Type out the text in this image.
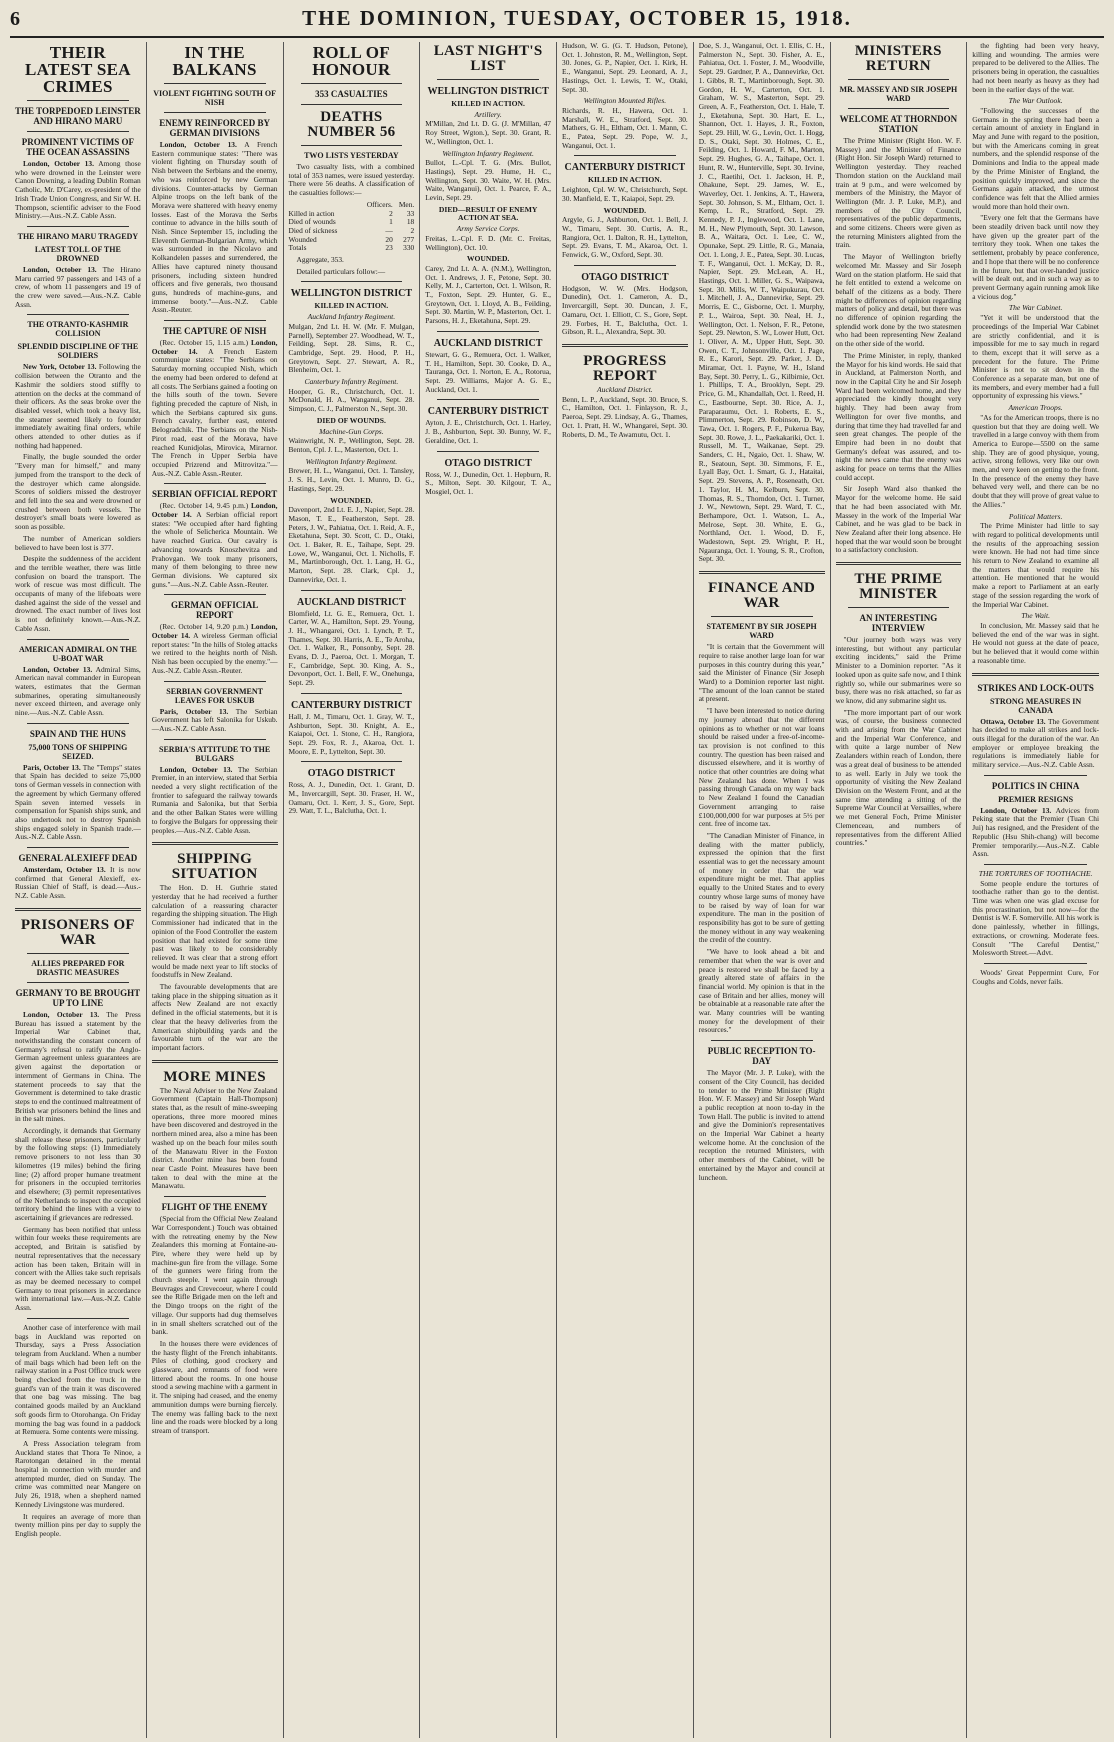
6	THE DOMINION, TUESDAY, OCTOBER 15, 1918.
THEIR LATEST SEA CRIMES
THE TORPEDOED LEINSTER AND HIRANO MARU
PROMINENT VICTIMS OF THE OCEAN ASSASSINS

London, October 13. Among those who were drowned in the Leinster were Canon Downing, a leading Dublin Roman Catholic, Mr. D'Carey, ex-president of the Irish Trade Union Congress, and Sir W. H. Thompson, scientific adviser to the Food Ministry.—Aus.-N.Z. Cable Assn.

THE HIRANO MARU TRAGEDY
LATEST TOLL OF THE DROWNED

London, October 13. The Hirano Maru carried 97 passengers and 143 of a crew, of whom 11 passengers and 19 of the crew were saved.—Aus.-N.Z. Cable Assn.

THE OTRANTO-KASHMIR COLLISION
SPLENDID DISCIPLINE OF THE SOLDIERS

New York, October 13. Following the collision between the Otranto and the Kashmir the soldiers stood stiffly to attention on the decks at the command of their officers. As the seas broke over the disabled vessel, which took a heavy list, the steamer seemed likely to founder immediately awaiting final orders, while others attended to other duties as if nothing had happened.

Finally, the bugle sounded the order "Every man for himself," and many jumped from the transport to the deck of the destroyer which came alongside. Scores of soldiers missed the destroyer and fell into the sea and were drowned or crushed between both vessels. The destroyer's small boats were lowered as soon as possible.

The number of American soldiers believed to have been lost is 377.

Despite the suddenness of the accident and the terrible weather, there was little confusion on board the transport. The work of rescue was most difficult. The occupants of many of the lifeboats were dashed against the side of the vessel and drowned. The exact number of lives lost is not definitely known.—Aus.-N.Z. Cable Assn.

AMERICAN ADMIRAL ON THE U-BOAT WAR

London, October 13. Admiral Sims, American naval commander in European waters, estimates that the German submarines, operating simultaneously never exceed thirteen, and average only nine.—Aus.-N.Z. Cable Assn.

SPAIN AND THE HUNS
75,000 TONS OF SHIPPING SEIZED.

Paris, October 13. The "Temps" states that Spain has decided to seize 75,000 tons of German vessels in connection with the agreement by which Germany offered Spain seven interned vessels in compensation for Spanish ships sunk, and also undertook not to destroy Spanish ships engaged solely in Spanish trade.—Aus.-N.Z. Cable Assn.

GENERAL ALEXIEFF DEAD

Amsterdam, October 13. It is now confirmed that General Alexieff, ex-Russian Chief of Staff, is dead.—Aus.-N.Z. Cable Assn.

PRISONERS OF WAR
ALLIES PREPARED FOR DRASTIC MEASURES
GERMANY TO BE BROUGHT UP TO LINE

London, October 13. The Press Bureau has issued a statement by the Imperial War Cabinet that, notwithstanding the constant concern of Germany's refusal to ratify the Anglo-German agreement unless guarantees are given against the deportation or internment of Germans in China. The statement proceeds to say that the Government is determined to take drastic steps to end the continued maltreatment of British war prisoners behind the lines and in the salt mines.

Accordingly, it demands that Germany shall release these prisoners, particularly by the following steps: (1) Immediately remove prisoners to not less than 30 kilometres (19 miles) behind the firing line; (2) afford proper humane treatment for prisoners in the occupied territories and elsewhere; (3) permit representatives of the Netherlands to inspect the occupied territory behind the lines with a view to ascertaining if grievances are redressed.

Germany has been notified that unless within four weeks these requirements are accepted, and Britain is satisfied by neutral representatives that the necessary action has been taken, Britain will in concert with the Allies take such reprisals as may be deemed necessary to compel Germany to treat prisoners in accordance with international law.—Aus.-N.Z. Cable Assn.

Another case of interference with mail bags in Auckland was reported on Thursday, says a Press Association telegram from Auckland. When a number of mail bags which had been left on the railway station in a Post Office truck were being checked from the truck in the guard's van of the train it was discovered that one bag was missing. The bag contained goods mailed by an Auckland soft goods firm to Otorohanga. On Friday morning the bag was found in a paddock at Remuera. Some contents were missing.

A Press Association telegram from Auckland states that Thora Te Ninoe, a Rarotongan detained in the mental hospital in connection with murder and attempted murder, died on Sunday. The crime was committed near Mangere on July 26, 1918, when a shepherd named Kennedy Livingstone was murdered.

It requires an average of more than twenty million pins per day to supply the English people.

IN THE BALKANS
VIOLENT FIGHTING SOUTH OF NISH
ENEMY REINFORCED BY GERMAN DIVISIONS

London, October 13. A French Eastern communique states: "There was violent fighting on Thursday south of Nish between the Serbians and the enemy, who was reinforced by new German divisions. Counter-attacks by German Alpine troops on the left bank of the Morava were shattered with heavy enemy losses. East of the Morava the Serbs continue to advance in the hills south of Nish. Since September 15, including the Eleventh German-Bulgarian Army, which was surrounded in the Nicolavo and Kolkandelen passes and surrendered, the Allies have captured ninety thousand prisoners, including sixteen hundred officers and five generals, two thousand guns, hundreds of machine-guns, and immense booty."—Aus.-N.Z. Cable Assn.-Reuter.

THE CAPTURE OF NISH

(Rec. October 15, 1.15 a.m.) London, October 14. A French Eastern communique states: "The Serbians on Saturday morning occupied Nish, which the enemy had been ordered to defend at all costs. The Serbians gained a footing on the hills south of the town. Severe fighting preceded the capture of Nish, in which the Serbians captured six guns. French cavalry, further east, entered Belogradchik. The Serbians on the Nish-Pirot road, east of the Morava, have reached Kunidjolas, Mirovica, Mirarnor. The French in Upper Serbia have occupied Prizrend and Mitrovitza."—Aus.-N.Z. Cable Assn.-Reuter.

SERBIAN OFFICIAL REPORT

(Rec. October 14, 9.45 p.m.) London, October 14. A Serbian official report states: "We occupied after hard fighting the whole of Selicherica Mountain. We have reached Gurica. Our cavalry is advancing towards Knoszhevitza and Prahovgan. We took many prisoners, many of them belonging to three new German divisions. We captured six guns."—Aus.-N.Z. Cable Assn.-Reuter.

GERMAN OFFICIAL REPORT

(Rec. October 14, 9.20 p.m.) London, October 14. A wireless German official report states: "In the hills of Stoleg attacks we retired to the heights north of Nish. Nish has been occupied by the enemy."—Aus.-N.Z. Cable Assn.-Reuter.

SERBIAN GOVERNMENT LEAVES FOR USKUB

Paris, October 13. The Serbian Government has left Salonika for Uskub.—Aus.-N.Z. Cable Assn.

SERBIA'S ATTITUDE TO THE BULGARS

London, October 13. The Serbian Premier, in an interview, stated that Serbia needed a very slight rectification of the frontier to safeguard the railway towards Rumania and Salonika, but that Serbia and the other Balkan States were willing to forgive the Bulgars for oppressing their peoples.—Aus.-N.Z. Cable Assn.

SHIPPING SITUATION

The Hon. D. H. Guthrie stated yesterday that he had received a further calculation of a reassuring character regarding the shipping situation. The High Commissioner had indicated that in the opinion of the Food Controller the eastern position that had existed for some time past was likely to be considerably relieved. It was clear that a strong effort would be made next year to lift stocks of foodstuffs in New Zealand.

The favourable developments that are taking place in the shipping situation as it affects New Zealand are not exactly defined in the official statements, but it is clear that the heavy deliveries from the American shipbuilding yards and the favourable turn of the war are the important factors.

MORE MINES

The Naval Adviser to the New Zealand Government (Captain Hall-Thompson) states that, as the result of mine-sweeping operations, three more moored mines have been discovered and destroyed in the northern mined area, also a mine has been washed up on the beach four miles south of the Manawatu River in the Foxton district. Another mine has been found near Castle Point. Measures have been taken to deal with the mine at the Manawatu.

FLIGHT OF THE ENEMY

(Special from the Official New Zealand War Correspondent.) Touch was obtained with the retreating enemy by the New Zealanders this morning at Fontaine-au-Pire, where they were held up by machine-gun fire from the village. Some of the gunners were firing from the church steeple. I went again through Beuvrages and Crevecoeur, where I could see the Rifle Brigade men on the left and the Dingo troops on the right of the village. Our supports had dug themselves in in small shelters scratched out of the bank.

In the houses there were evidences of the hasty flight of the French inhabitants. Piles of clothing, good crockery and glassware, and remnants of food were littered about the rooms. In one house stood a sewing machine with a garment in it. The sniping had ceased, and the enemy ammunition dumps were burning fiercely. The enemy was falling back to the next line and the roads were blocked by a long stream of transport.

ROLL OF HONOUR
353 CASUALTIES
DEATHS NUMBER 56
TWO LISTS YESTERDAY

Two casualty lists, with a combined total of 353 names, were issued yesterday. There were 56 deaths. A classification of the casualties follows:—

	Officers.	Men.
Killed in action	2	33
Died of wounds	1	18
Died of sickness	—	2
Wounded	20	277
Totals	23	330

Aggregate, 353.

Detailed particulars follow:—

WELLINGTON DISTRICT
KILLED IN ACTION.
Auckland Infantry Regiment.

Mulgan, 2nd Lt. H. W. (Mr. F. Mulgan, Parnell), September 27. Woodhead, W. T., Feilding, Sept. 28. Sims, R. C., Cambridge, Sept. 29. Hood, P. H., Greytown, Sept. 27. Stewart, A. R., Blenheim, Oct. 1.

Canterbury Infantry Regiment.

Hooper, G. R., Christchurch, Oct. 1. McDonald, H. A., Wanganui, Sept. 28. Simpson, C. J., Palmerston N., Sept. 30.

DIED OF WOUNDS.
Machine-Gun Corps.

Wainwright, N. P., Wellington, Sept. 28. Benton, Cpl. J. L., Masterton, Oct. 1.

Wellington Infantry Regiment.

Brewer, H. L., Wanganui, Oct. 1. Tansley, J. S. H., Levin, Oct. 1. Munro, D. G., Hastings, Sept. 29.

WOUNDED.

Davenport, 2nd Lt. E. J., Napier, Sept. 28. Mason, T. E., Featherston, Sept. 28. Peters, J. W., Pahiatua, Oct. 1. Reid, A. F., Eketahuna, Sept. 30. Scott, C. D., Otaki, Oct. 1. Baker, R. E., Taihape, Sept. 29. Lowe, W., Wanganui, Oct. 1. Nicholls, F. M., Martinborough, Oct. 1. Lang, H. G., Marton, Sept. 28. Clark, Cpl. J., Dannevirke, Oct. 1.

AUCKLAND DISTRICT

Blomfield, Lt. G. E., Remuera, Oct. 1. Carter, W. A., Hamilton, Sept. 29. Young, J. H., Whangarei, Oct. 1. Lynch, P. T., Thames, Sept. 30. Harris, A. E., Te Aroha, Oct. 1. Walker, R., Ponsonby, Sept. 28. Evans, D. J., Paeroa, Oct. 1. Morgan, T. F., Cambridge, Sept. 30. King, A. S., Devonport, Oct. 1. Bell, F. W., Onehunga, Sept. 29.

CANTERBURY DISTRICT

Hall, J. M., Timaru, Oct. 1. Gray, W. T., Ashburton, Sept. 30. Knight, A. E., Kaiapoi, Oct. 1. Stone, C. H., Rangiora, Sept. 29. Fox, R. J., Akaroa, Oct. 1. Moore, E. P., Lyttelton, Sept. 30.

OTAGO DISTRICT

Ross, A. J., Dunedin, Oct. 1. Grant, D. M., Invercargill, Sept. 30. Fraser, H. W., Oamaru, Oct. 1. Kerr, J. S., Gore, Sept. 29. Watt, T. L., Balclutha, Oct. 1.

LAST NIGHT'S LIST
WELLINGTON DISTRICT
KILLED IN ACTION.
Artillery.

M'Millan, 2nd Lt. D. G. (J. M'Millan, 47 Roy Street, Wgton.), Sept. 30. Grant, R. W., Wellington, Oct. 1.

Wellington Infantry Regiment.

Bullot, L.-Cpl. T. G. (Mrs. Bullot, Hastings), Sept. 29. Hume, H. C., Wellington, Sept. 30. Waite, W. H. (Mrs. Waite, Wanganui), Oct. 1. Pearce, F. A., Levin, Sept. 29.

DIED—RESULT OF ENEMY ACTION AT SEA.
Army Service Corps.

Freitas, L.-Cpl. F. D. (Mr. C. Freitas, Wellington), Oct. 10.

WOUNDED.

Carey, 2nd Lt. A. A. (N.M.), Wellington, Oct. 1. Andrews, J. F., Petone, Sept. 30. Kelly, M. J., Carterton, Oct. 1. Wilson, R. T., Foxton, Sept. 29. Hunter, G. E., Greytown, Oct. 1. Lloyd, A. B., Feilding, Sept. 30. Martin, W. P., Masterton, Oct. 1. Parsons, H. J., Eketahuna, Sept. 29.

AUCKLAND DISTRICT

Stewart, G. G., Remuera, Oct. 1. Walker, T. H., Hamilton, Sept. 30. Cooke, D. A., Tauranga, Oct. 1. Norton, E. A., Rotorua, Sept. 29. Williams, Major A. G. E., Auckland, Oct. 1.

CANTERBURY DISTRICT

Ayton, J. E., Christchurch, Oct. 1. Harley, J. B., Ashburton, Sept. 30. Bunny, W. F., Geraldine, Oct. 1.

OTAGO DISTRICT

Ross, W. J., Dunedin, Oct. 1. Hepburn, R. S., Milton, Sept. 30. Kilgour, T. A., Mosgiel, Oct. 1.

Hudson, W. G. (G. T. Hudson, Petone), Oct. 1. Johnston, R. M., Wellington, Sept. 30. Jones, G. P., Napier, Oct. 1. Kirk, H. E., Wanganui, Sept. 29. Leonard, A. J., Hastings, Oct. 1. Lewis, T. W., Otaki, Sept. 30.

Wellington Mounted Rifles.

Richards, R. H., Hawera, Oct. 1. Marshall, W. E., Stratford, Sept. 30. Mathers, G. H., Eltham, Oct. 1. Mann, C. E., Patea, Sept. 29. Pope, W. J., Wanganui, Oct. 1.

CANTERBURY DISTRICT
KILLED IN ACTION.

Leighton, Cpl. W. W., Christchurch, Sept. 30. Manfield, E. T., Kaiapoi, Sept. 29.

WOUNDED.

Argyle, G. J., Ashburton, Oct. 1. Bell, J. W., Timaru, Sept. 30. Curtis, A. R., Rangiora, Oct. 1. Dalton, R. H., Lyttelton, Sept. 29. Evans, T. M., Akaroa, Oct. 1. Fenwick, G. W., Oxford, Sept. 30.

OTAGO DISTRICT

Hodgson, W. W. (Mrs. Hodgson, Dunedin), Oct. 1. Cameron, A. D., Invercargill, Sept. 30. Duncan, J. F., Oamaru, Oct. 1. Elliott, C. S., Gore, Sept. 29. Forbes, H. T., Balclutha, Oct. 1. Gibson, R. L., Alexandra, Sept. 30.

PROGRESS REPORT
Auckland District.

Benn, L. P., Auckland, Sept. 30. Bruce, S. C., Hamilton, Oct. 1. Finlayson, R. J., Paeroa, Sept. 29. Lindsay, A. G., Thames, Oct. 1. Pratt, H. W., Whangarei, Sept. 30. Roberts, D. M., Te Awamutu, Oct. 1.

Doe, S. J., Wanganui, Oct. 1. Ellis, C. H., Palmerston N., Sept. 30. Fisher, A. E., Pahiatua, Oct. 1. Foster, J. M., Woodville, Sept. 29. Gardner, P. A., Dannevirke, Oct. 1. Gibbs, R. T., Martinborough, Sept. 30. Gordon, H. W., Carterton, Oct. 1. Graham, W. S., Masterton, Sept. 29. Green, A. F., Featherston, Oct. 1. Hale, T. J., Eketahuna, Sept. 30. Hart, E. L., Shannon, Oct. 1. Hayes, J. R., Foxton, Sept. 29. Hill, W. G., Levin, Oct. 1. Hogg, D. S., Otaki, Sept. 30. Holmes, C. E., Feilding, Oct. 1. Howard, F. M., Marton, Sept. 29. Hughes, G. A., Taihape, Oct. 1. Hunt, R. W., Hunterville, Sept. 30. Irvine, J. C., Raetihi, Oct. 1. Jackson, H. P., Ohakune, Sept. 29. James, W. E., Waverley, Oct. 1. Jenkins, A. T., Hawera, Sept. 30. Johnson, S. M., Eltham, Oct. 1. Kemp, L. R., Stratford, Sept. 29. Kennedy, P. J., Inglewood, Oct. 1. Lane, M. H., New Plymouth, Sept. 30. Lawson, B. A., Waitara, Oct. 1. Lee, C. W., Opunake, Sept. 29. Little, R. G., Manaia, Oct. 1. Long, J. E., Patea, Sept. 30. Lucas, T. F., Wanganui, Oct. 1. McKay, D. R., Napier, Sept. 29. McLean, A. H., Hastings, Oct. 1. Miller, G. S., Waipawa, Sept. 30. Mills, W. T., Waipukurau, Oct. 1. Mitchell, J. A., Dannevirke, Sept. 29. Morris, E. C., Gisborne, Oct. 1. Murphy, P. L., Wairoa, Sept. 30. Neal, H. J., Wellington, Oct. 1. Nelson, F. R., Petone, Sept. 29. Newton, S. W., Lower Hutt, Oct. 1. Oliver, A. M., Upper Hutt, Sept. 30. Owen, C. T., Johnsonville, Oct. 1. Page, R. E., Karori, Sept. 29. Parker, J. D., Miramar, Oct. 1. Payne, W. H., Island Bay, Sept. 30. Perry, L. G., Kilbirnie, Oct. 1. Phillips, T. A., Brooklyn, Sept. 29. Price, G. M., Khandallah, Oct. 1. Reed, H. C., Eastbourne, Sept. 30. Rice, A. J., Paraparaumu, Oct. 1. Roberts, E. S., Plimmerton, Sept. 29. Robinson, D. W., Tawa, Oct. 1. Rogers, P. F., Pukerua Bay, Sept. 30. Rowe, J. L., Paekakariki, Oct. 1. Russell, M. T., Waikanae, Sept. 29. Sanders, C. H., Ngaio, Oct. 1. Shaw, W. R., Seatoun, Sept. 30. Simmons, F. E., Lyall Bay, Oct. 1. Smart, G. J., Hataitai, Sept. 29. Stevens, A. P., Roseneath, Oct. 1. Taylor, H. M., Kelburn, Sept. 30. Thomas, R. S., Thorndon, Oct. 1. Turner, J. W., Newtown, Sept. 29. Ward, T. C., Berhampore, Oct. 1. Watson, L. A., Melrose, Sept. 30. White, E. G., Northland, Oct. 1. Wood, D. F., Wadestown, Sept. 29. Wright, P. H., Ngauranga, Oct. 1. Young, S. R., Crofton, Sept. 30.

FINANCE AND WAR
STATEMENT BY SIR JOSEPH WARD

"It is certain that the Government will require to raise another large loan for war purposes in this country during this year," said the Minister of Finance (Sir Joseph Ward) to a Dominion reporter last night. "The amount of the loan cannot be stated at present.

"I have been interested to notice during my journey abroad that the different opinions as to whether or not war loans should be raised under a free-of-income-tax provision is not confined to this country. The question has been raised and discussed elsewhere, and it is worthy of notice that other countries are doing what New Zealand has done. When I was passing through Canada on my way back to New Zealand I found the Canadian Government arranging to raise £100,000,000 for war purposes at 5½ per cent. free of income tax.

"The Canadian Minister of Finance, in dealing with the matter publicly, expressed the opinion that the first essential was to get the necessary amount of money in order that the war expenditure might be met. That applies equally to the United States and to every country whose large sums of money have to be raised by way of loan for war expenditure. The man in the position of responsibility has got to be sure of getting the money without in any way weakening the credit of the country.

"We have to look ahead a bit and remember that when the war is over and peace is restored we shall be faced by a greatly altered state of affairs in the financial world. My opinion is that in the case of Britain and her allies, money will be obtainable at a reasonable rate after the war. Many countries will be wanting money for the development of their resources."

PUBLIC RECEPTION TO-DAY

The Mayor (Mr. J. P. Luke), with the consent of the City Council, has decided to tender to the Prime Minister (Right Hon. W. F. Massey) and Sir Joseph Ward a public reception at noon to-day in the Town Hall. The public is invited to attend and give the Dominion's representatives on the Imperial War Cabinet a hearty welcome home. At the conclusion of the reception the returned Ministers, with other members of the Cabinet, will be entertained by the Mayor and council at luncheon.

MINISTERS RETURN
MR. MASSEY AND SIR JOSEPH WARD
WELCOME AT THORNDON STATION

The Prime Minister (Right Hon. W. F. Massey) and the Minister of Finance (Right Hon. Sir Joseph Ward) returned to Wellington yesterday. They reached Thorndon station on the Auckland mail train at 9 p.m., and were welcomed by members of the Ministry, the Mayor of Wellington (Mr. J. P. Luke, M.P.), and members of the City Council, representatives of the public departments, and some citizens. Cheers were given as the returning Ministers alighted from the train.

The Mayor of Wellington briefly welcomed Mr. Massey and Sir Joseph Ward on the station platform. He said that he felt entitled to extend a welcome on behalf of the citizens as a body. There might be differences of opinion regarding matters of policy and detail, but there was no difference of opinion regarding the splendid work done by the two statesmen who had been representing New Zealand on the other side of the world.

The Prime Minister, in reply, thanked the Mayor for his kind words. He said that in Auckland, at Palmerston North, and now in the Capital City he and Sir Joseph Ward had been welcomed home, and they appreciated the kindly thought very highly. They had been away from Wellington for over five months, and during that time they had travelled far and seen great changes. The people of the Empire had been in no doubt that Germany's defeat was assured, and to-night the news came that the enemy was asking for peace on terms that the Allies could accept.

Sir Joseph Ward also thanked the Mayor for the welcome home. He said that he had been associated with Mr. Massey in the work of the Imperial War Cabinet, and he was glad to be back in New Zealand after their long absence. He hoped that the war would soon be brought to a satisfactory conclusion.

THE PRIME MINISTER
AN INTERESTING INTERVIEW

"Our journey both ways was very interesting, but without any particular exciting incidents," said the Prime Minister to a Dominion reporter. "As it looked upon as quite safe now, and I think rightly so, while our submarines were so busy, there was no risk attached, so far as we know, did any submarine sight us.

"The more important part of our work was, of course, the business connected with and arising from the War Cabinet and the Imperial War Conference, and with quite a large number of New Zealanders within reach of London, there was a great deal of business to be attended to as well. Early in July we took the opportunity of visiting the New Zealand Division on the Western Front, and at the same time attending a sitting of the Supreme War Council at Versailles, where we met General Foch, Prime Minister Clemenceau, and numbers of representatives from the different Allied countries."

the fighting had been very heavy, killing and wounding. The armies were prepared to be delivered to the Allies. The prisoners being in operation, the casualties had not been nearly as heavy as they had been in the earlier days of the war.

The War Outlook.

"Following the successes of the Germans in the spring there had been a certain amount of anxiety in England in May and June with regard to the position, but with the Americans coming in great numbers, and the splendid response of the Dominions and India to the appeal made by the Prime Minister of England, the position quickly improved, and since the Germans again attacked, the utmost confidence was felt that the Allied armies would more than hold their own.

"Every one felt that the Germans have been steadily driven back until now they have given up the greater part of the territory they took. When one takes the settlement, probably by peace conference, and I hope that there will be no conference in the future, but that over-handed justice will be dealt out, and in such a way as to prevent Germany again running amok like a vicious dog."

The War Cabinet.

"Yet it will be understood that the proceedings of the Imperial War Cabinet are strictly confidential, and it is impossible for me to say much in regard to them, except that it will serve as a precedent for the future. The Prime Minister is not to sit down in the Conference as a separate man, but one of its members, and every member had a full opportunity of expressing his views."

American Troops.

"As for the American troops, there is no question but that they are doing well. We travelled in a large convoy with them from America to Europe—5500 on the same ship. They are of good physique, young, active, strong fellows, very like our own men, and very keen on getting to the front. In the presence of the enemy they have behaved very well, and there can be no doubt that they will prove of great value to the Allies."

Political Matters.

The Prime Minister had little to say with regard to political developments until the results of the approaching session were known. He had not had time since his return to New Zealand to examine all the matters that would require his attention. He mentioned that he would make a report to Parliament at an early stage of the session regarding the work of the Imperial War Cabinet.

The Wait.

In conclusion, Mr. Massey said that he believed the end of the war was in sight. He would not guess at the date of peace, but he believed that it would come within a reasonable time.

STRIKES AND LOCK-OUTS
STRONG MEASURES IN CANADA

Ottawa, October 13. The Government has decided to make all strikes and lock-outs illegal for the duration of the war. An employer or employee breaking the regulations is immediately liable for military service.—Aus.-N.Z. Cable Assn.

POLITICS IN CHINA
PREMIER RESIGNS

London, October 13. Advices from Peking state that the Premier (Tuan Chi Jui) has resigned, and the President of the Republic (Hsu Shih-chang) will become Premier temporarily.—Aus.-N.Z. Cable Assn.

THE TORTURES OF TOOTHACHE.

Some people endure the tortures of toothache rather than go to the dentist. Time was when one was glad excuse for this procrastination, but not now—for the Dentist is W. F. Somerville. All his work is done painlessly, whether in fillings, extractions, or crowning. Moderate fees. Consult "The Careful Dentist," Molesworth Street.—Advt.

Woods' Great Peppermint Cure, For Coughs and Colds, never fails.
